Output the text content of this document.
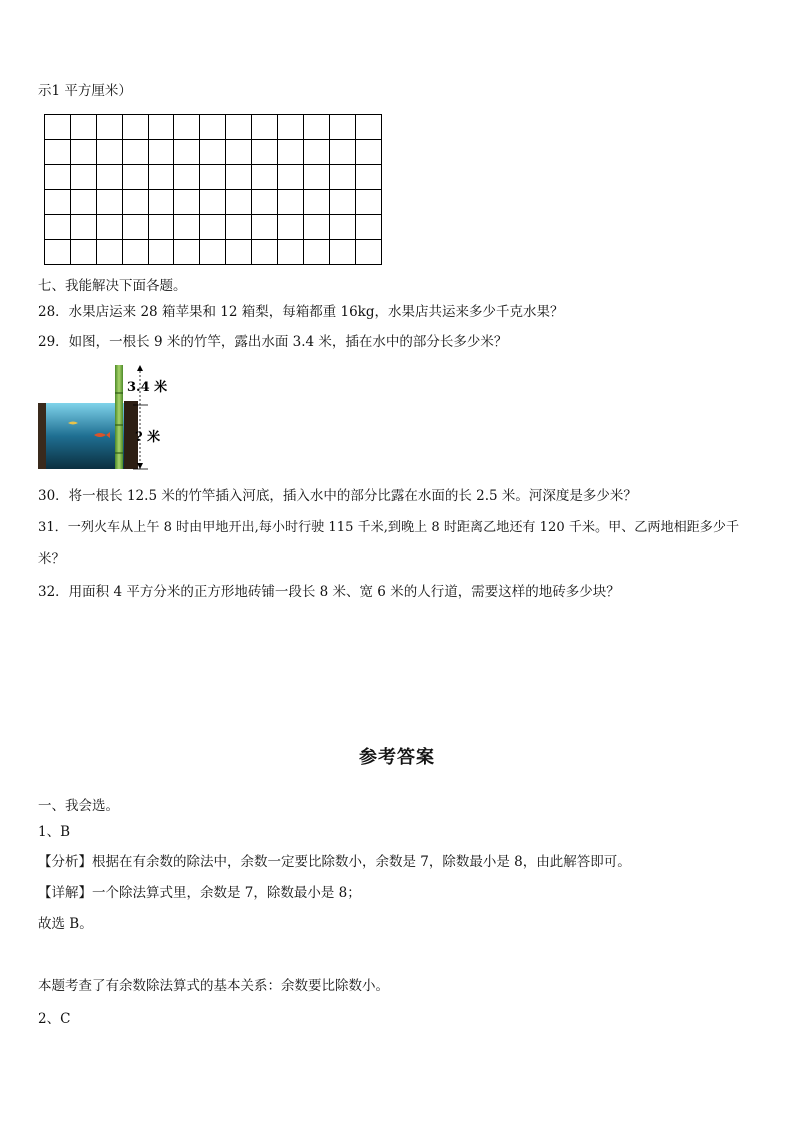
示1 平方厘米）

七、我能解决下面各题。
28．水果店运来 28 箱苹果和 12 箱梨，每箱都重 16kg，水果店共运来多少千克水果？
29．如图，一根长 9 米的竹竿，露出水面 3.4 米，插在水中的部分长多少米？
3.4 米
? 米
30．将一根长 12.5 米的竹竿插入河底，插入水中的部分比露在水面的长 2.5 米。河深度是多少米？
31．一列火车从上午 8 时由甲地开出,每小时行驶 115 千米,到晚上 8 时距离乙地还有 120 千米。甲、乙两地相距多少千
米？
32．用面积 4 平方分米的正方形地砖铺一段长 8 米、宽 6 米的人行道，需要这样的地砖多少块？
参考答案
一、我会选。
1、B
【分析】根据在有余数的除法中，余数一定要比除数小，余数是 7，除数最小是 8，由此解答即可。
【详解】一个除法算式里，余数是 7，除数最小是 8；
故选 B。
本题考查了有余数除法算式的基本关系：余数要比除数小。
2、C
